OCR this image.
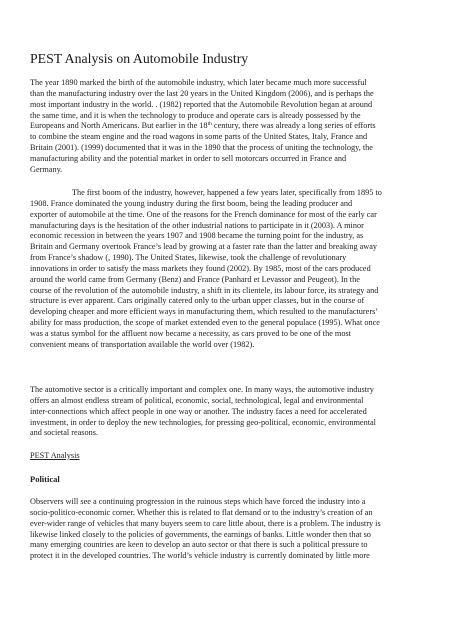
PEST Analysis on Automobile Industry
The year 1890 marked the birth of the automobile industry, which later became much more successful
than the manufacturing industry over the last 20 years in the United Kingdom (2006), and is perhaps the
most important industry in the world. . (1982) reported that the Automobile Revolution began at around
the same time, and it is when the technology to produce and operate cars is already possessed by the
Europeans and North Americans. But earlier in the 18th century, there was already a long series of efforts
to combine the steam engine and the road wagons in some parts of the United States, Italy, France and
Britain (2001). (1999) documented that it was in the 1890 that the process of uniting the technology, the
manufacturing ability and the potential market in order to sell motorcars occurred in France and
Germany.
The first boom of the industry, however, happened a few years later, specifically from 1895 to
1908. France dominated the young industry during the first boom, being the leading producer and
exporter of automobile at the time. One of the reasons for the French dominance for most of the early car
manufacturing days is the hesitation of the other industrial nations to participate in it (2003). A minor
economic recession in between the years 1907 and 1908 became the turning point for the industry, as
Britain and Germany overtook France’s lead by growing at a faster rate than the latter and breaking away
from France’s shadow (, 1990). The United States, likewise, took the challenge of revolutionary
innovations in order to satisfy the mass markets they found (2002). By 1985, most of the cars produced
around the world came from Germany (Benz) and France (Panhard et Levassor and Peugeot). In the
course of the revolution of the automobile industry, a shift in its clientele, its labour force, its strategy and
structure is ever apparent. Cars originally catered only to the urban upper classes, but in the course of
developing cheaper and more efficient ways in manufacturing them, which resulted to the manufacturers’
ability for mass production, the scope of market extended even to the general populace (1995). What once
was a status symbol for the affluent now became a necessity, as cars proved to be one of the most
convenient means of transportation available the world over (1982).
The automotive sector is a critically important and complex one. In many ways, the automotive industry
offers an almost endless stream of political, economic, social, technological, legal and environmental
inter-connections which affect people in one way or another. The industry faces a need for accelerated
investment, in order to deploy the new technologies, for pressing geo-political, economic, environmental
and societal reasons.
PEST Analysis
Political
Observers will see a continuing progression in the ruinous steps which have forced the industry into a
socio-politico-economic corner. Whether this is related to flat demand or to the industry’s creation of an
ever-wider range of vehicles that many buyers seem to care little about, there is a problem. The industry is
likewise linked closely to the policies of governments, the earnings of banks. Little wonder then that so
many emerging countries are keen to develop an auto sector or that there is such a political pressure to
protect it in the developed countries. The world’s vehicle industry is currently dominated by little more
